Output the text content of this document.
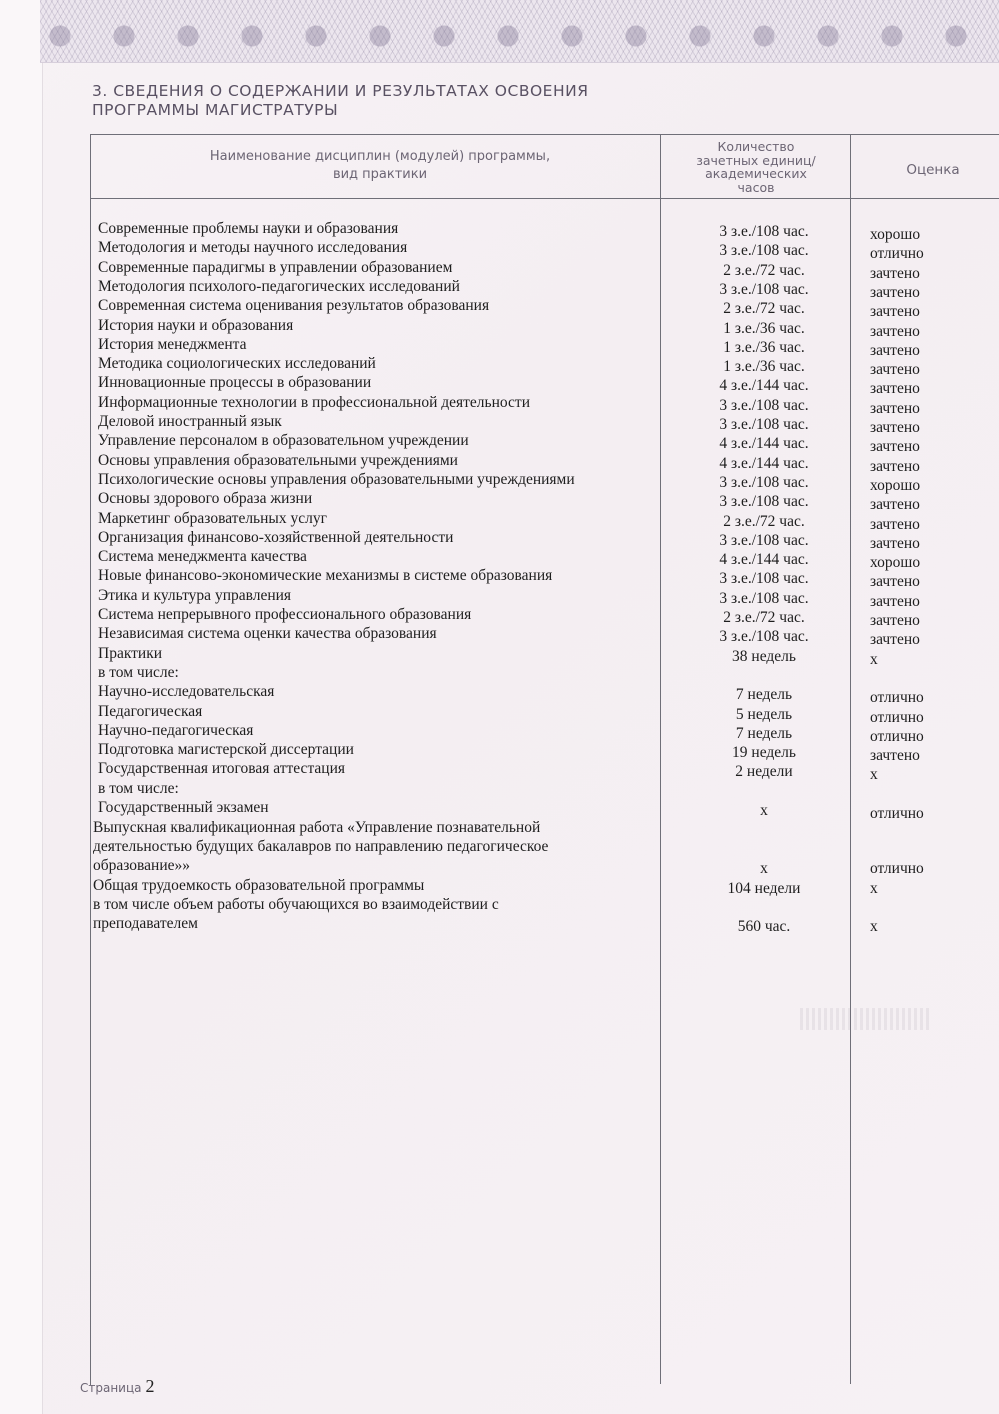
3. СВЕДЕНИЯ О СОДЕРЖАНИИ И РЕЗУЛЬТАТАХ ОСВОЕНИЯ
ПРОГРАММЫ МАГИСТРАТУРЫ
Наименование дисциплин (модулей) программы,
вид практики
Количество
зачетных единиц/
академических
часов
Оценка
Современные проблемы науки и образования	3 з.е./108 час.	хорошо
Методология и методы научного исследования	3 з.е./108 час.	отлично
Современные парадигмы в управлении образованием	2 з.е./72 час.	зачтено
Методология психолого-педагогических исследований	3 з.е./108 час.	зачтено
Современная система оценивания результатов образования	2 з.е./72 час.	зачтено
История науки и образования	1 з.е./36 час.	зачтено
История менеджмента	1 з.е./36 час.	зачтено
Методика социологических исследований	1 з.е./36 час.	зачтено
Инновационные процессы в образовании	4 з.е./144 час.	зачтено
Информационные технологии в профессиональной деятельности	3 з.е./108 час.	зачтено
Деловой иностранный язык	3 з.е./108 час.	зачтено
Управление персоналом в образовательном учреждении	4 з.е./144 час.	зачтено
Основы управления образовательными учреждениями	4 з.е./144 час.	зачтено
Психологические основы управления образовательными учреждениями	3 з.е./108 час.	хорошо
Основы здорового образа жизни	3 з.е./108 час.	зачтено
Маркетинг образовательных услуг	2 з.е./72 час.	зачтено
Организация финансово-хозяйственной деятельности	3 з.е./108 час.	зачтено
Система менеджмента качества	4 з.е./144 час.	хорошо
Новые финансово-экономические механизмы в системе образования	3 з.е./108 час.	зачтено
Этика и культура управления	3 з.е./108 час.	зачтено
Система непрерывного профессионального образования	2 з.е./72 час.	зачтено
Независимая система оценки качества образования	3 з.е./108 час.	зачтено
Практики	38 недель	х
в том числе:
Научно-исследовательская	7 недель	отлично
Педагогическая	5 недель	отлично
Научно-педагогическая	7 недель	отлично
Подготовка магистерской диссертации	19 недель	зачтено
Государственная итоговая аттестация	2 недели	х
в том числе:
Государственный экзамен	х	отлично
Выпускная квалификационная работа «Управление познавательной
деятельностью будущих бакалавров по направлению педагогическое
образование»»	х	отлично
Общая трудоемкость образовательной программы	104 недели	х
в том числе объем работы обучающихся во взаимодействии с
преподавателем	560 час.	х
Страница 2
